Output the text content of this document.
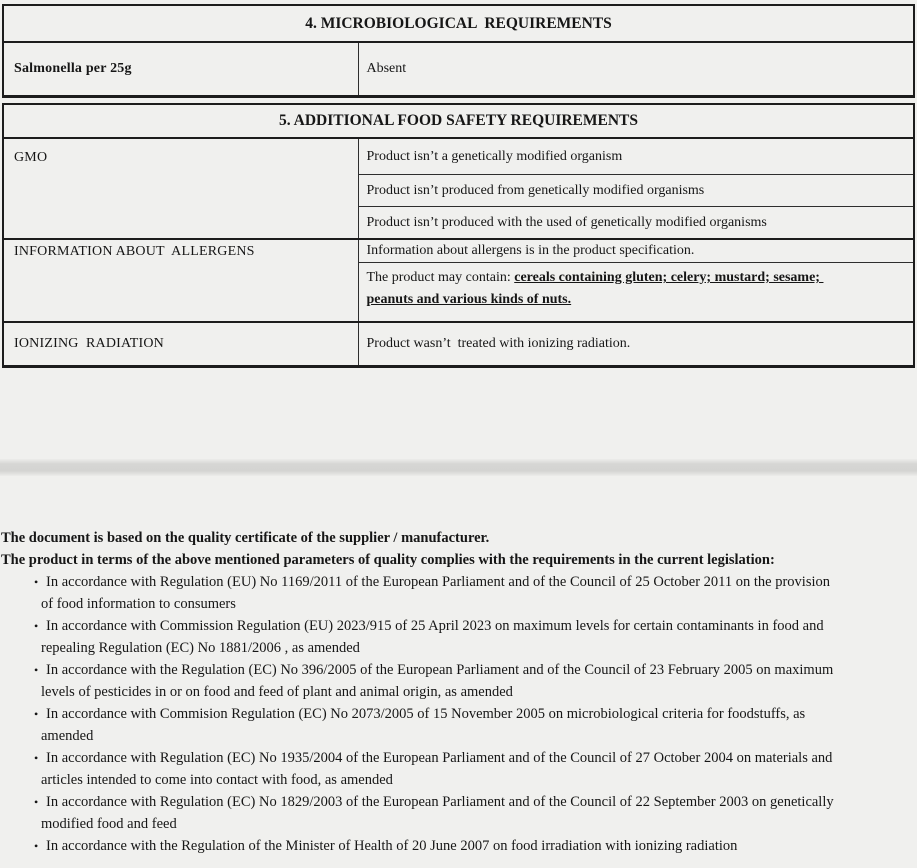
4. MICROBIOLOGICAL  REQUIREMENTS
Salmonella per 25g	Absent
5. ADDITIONAL FOOD SAFETY REQUIREMENTS	
GMO	Product isn’t a genetically modified organism
	Product isn’t produced from genetically modified organisms
	Product isn’t produced with the used of genetically modified organisms
INFORMATION ABOUT  ALLERGENS	Information about allergens is in the product specification.
	The product may contain: cereals containing gluten; celery; mustard; sesame; peanuts and various kinds of nuts.
IONIZING  RADIATION	Product wasn’t  treated with ionizing radiation.

The document is based on the quality certificate of the supplier / manufacturer.

The product in terms of the above mentioned parameters of quality complies with the requirements in the current legislation:

• In accordance with Regulation (EU) No 1169/2011 of the European Parliament and of the Council of 25 October 2011 on the provision of food information to consumers
• In accordance with Commission Regulation (EU) 2023/915 of 25 April 2023 on maximum levels for certain contaminants in food and repealing Regulation (EC) No 1881/2006 , as amended
• In accordance with the Regulation (EC) No 396/2005 of the European Parliament and of the Council of 23 February 2005 on maximum levels of pesticides in or on food and feed of plant and animal origin, as amended
• In accordance with Commision Regulation (EC) No 2073/2005 of 15 November 2005 on microbiological criteria for foodstuffs, as amended
• In accordance with Regulation (EC) No 1935/2004 of the European Parliament and of the Council of 27 October 2004 on materials and articles intended to come into contact with food, as amended
• In accordance with Regulation (EC) No 1829/2003 of the European Parliament and of the Council of 22 September 2003 on genetically modified food and feed
• In accordance with the Regulation of the Minister of Health of 20 June 2007 on food irradiation with ionizing radiation
